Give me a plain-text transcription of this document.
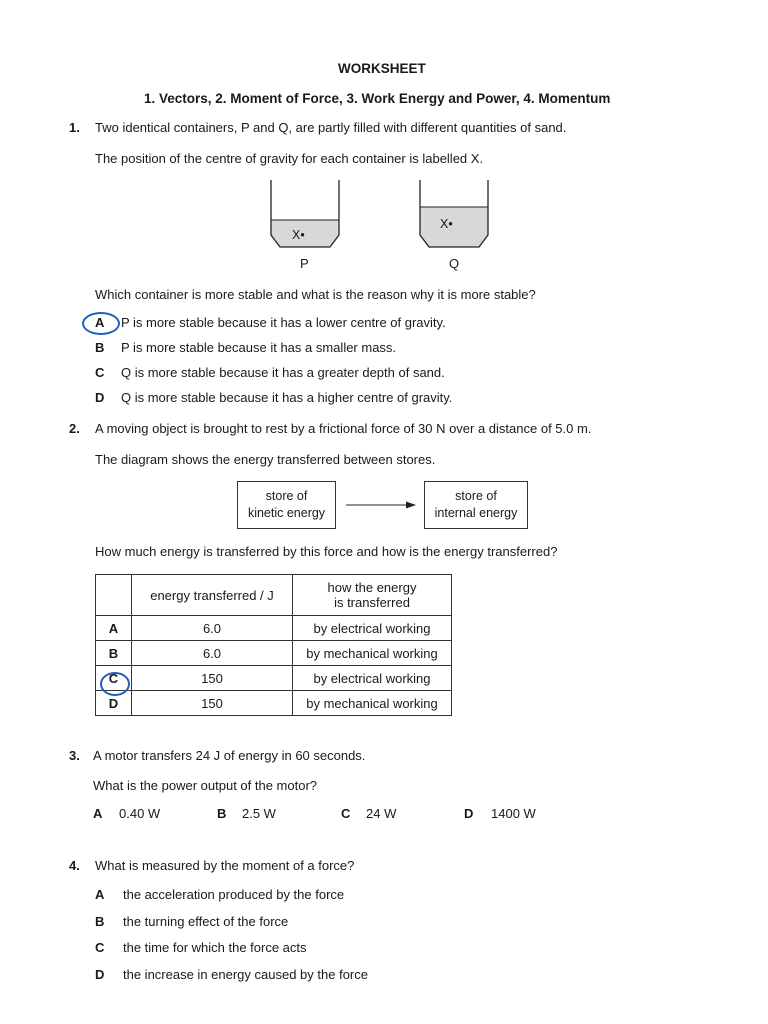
WORKSHEET
1. Vectors, 2. Moment of Force, 3. Work Energy and Power, 4. Momentum
1. Two identical containers, P and Q, are partly filled with different quantities of sand.
The position of the centre of gravity for each container is labelled X.
X•
X•
P	Q
Which container is more stable and what is the reason why it is more stable?
A P is more stable because it has a lower centre of gravity.
B P is more stable because it has a smaller mass.
C Q is more stable because it has a greater depth of sand.
D Q is more stable because it has a higher centre of gravity.
2. A moving object is brought to rest by a frictional force of 30 N over a distance of 5.0 m.
The diagram shows the energy transferred between stores.
store of
kinetic energy
store of
internal energy
How much energy is transferred by this force and how is the energy transferred?
	energy transferred / J	how the energy
is transferred

A	6.0	by electrical working
B	6.0	by mechanical working
C	150	by electrical working
D	150	by mechanical working
3. A motor transfers 24 J of energy in 60 seconds.
What is the power output of the motor?
A 0.40 W	B 2.5 W	C 24 W	D 1400 W
4. What is measured by the moment of a force?
A the acceleration produced by the force
B the turning effect of the force
C the time for which the force acts
D the increase in energy caused by the force
